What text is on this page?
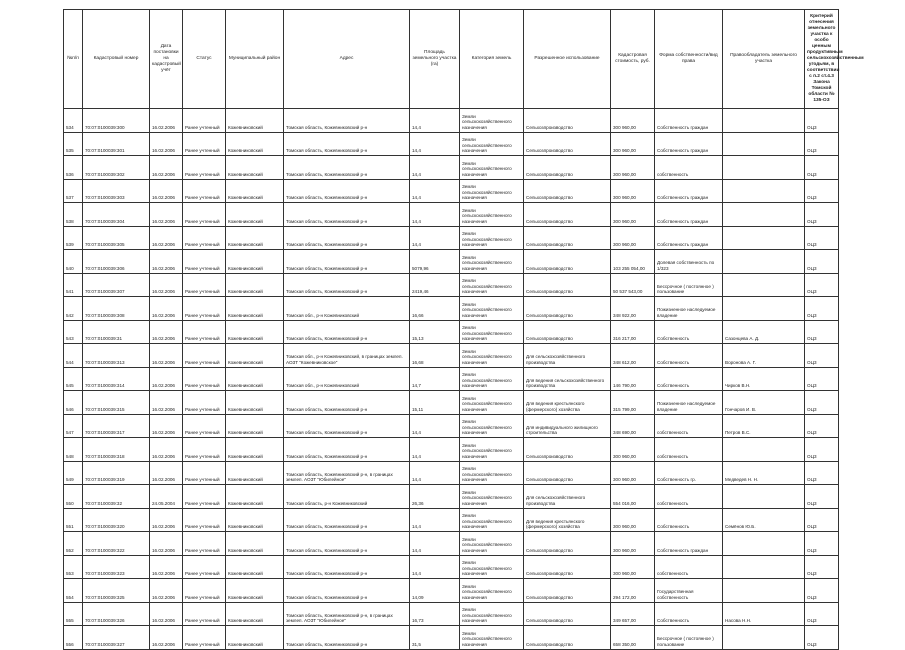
№п/п	Кадастровый номер	Дата постановки на кадастровый учёт	Статус	Муниципальный район	Адрес	Площадь земельного участка (га)	Категория земель	Разрешенное использование	Кадастровая стоимость, руб.	Форма собственности/вид права	Правообладатель земельного участка	Критерий отнесения земельного участка к особо ценным продуктивным сельскохозяйственным угодьям, в соответствии с п.2 ст.4.3 Закона Томской области № 135-ОЗ
534	70:07:0100039:300	16.02.2006	Ранее учтенный	Кожевниковский	Томская область, Кожевниковский р-н	14,4	Земли сельскохозяйственного назначения	Сельхозпроизводство	300 960,00	Собственность граждан		ОЦ3
535	70:07:0100039:301	16.02.2006	Ранее учтенный	Кожевниковский	Томская область, Кожевниковский р-н	14,4	Земли сельскохозяйственного назначения	Сельхозпроизводство	300 960,00	Собственность граждан		ОЦ3
536	70:07:0100039:302	16.02.2006	Ранее учтенный	Кожевниковский	Томская область, Кожевниковский р-н	14,4	Земли сельскохозяйственного назначения	Сельхозпроизводство	300 960,00	собственность		ОЦ3
537	70:07:0100039:303	16.02.2006	Ранее учтенный	Кожевниковский	Томская область, Кожевниковский р-н	14,4	Земли сельскохозяйственного назначения	Сельхозпроизводство	300 960,00	Собственность граждан		ОЦ3
538	70:07:0100039:304	16.02.2006	Ранее учтенный	Кожевниковский	Томская область, Кожевниковский р-н	14,4	Земли сельскохозяйственного назначения	Сельхозпроизводство	300 960,00	Собственность граждан		ОЦ3
539	70:07:0100039:305	16.02.2006	Ранее учтенный	Кожевниковский	Томская область, Кожевниковский р-н	14,4	Земли сельскохозяйственного назначения	Сельхозпроизводство	300 960,00	Собственность граждан		ОЦ3
540	70:07:0100039:306	16.02.2006	Ранее учтенный	Кожевниковский	Томская область, Кожевниковский р-н	5079,96	Земли сельскохозяйственного назначения	Сельхозпроизводство	103 255 054,00	Долевая собственность по 1/323		ОЦ3
541	70:07:0100039:307	16.02.2006	Ранее учтенный	Кожевниковский	Томская область, Кожевниковский р-н	2419,46	Земли сельскохозяйственного назначения	Сельхозпроизводство	50 537 543,00	Бессрочное ( постоянное ) пользование		ОЦ3
542	70:07:0100039:308	16.02.2006	Ранее учтенный	Кожевниковский	Томская обл., р-н Кожевниковский	16,66	Земли сельскохозяйственного назначения	Сельхозпроизводство	348 922,00	Пожизненное наследуемое владение		ОЦ3
543	70:07:0100039:31	16.02.2006	Ранее учтенный	Кожевниковский	Томская область, Кожевниковский р-н	15,13	Земли сельскохозяйственного назначения	Сельхозпроизводство	316 217,00	Собственность	Сазонцева А. Д.	ОЦ3
544	70:07:0100039:313	16.02.2006	Ранее учтенный	Кожевниковский	Томская обл., р-н Кожевниковский, в границах землеп. АОЗТ "Кожевниковское"	16,68	Земли сельскохозяйственного назначения	Для сельскохозяйственного производства	348 612,00	Собственность	Воронова А. Г.	ОЦ3
545	70:07:0100039:314	16.02.2006	Ранее учтенный	Кожевниковский	Томская обл., р-н Кожевниковский	14,7	Земли сельскохозяйственного назначения	Для ведения сельскохозяйственного производства	146 790,00	Собственность	Чирков В.Н.	ОЦ3
546	70:07:0100039:315	16.02.2006	Ранее учтенный	Кожевниковский	Томская область, Кожевниковский р-н	15,11	Земли сельскохозяйственного назначения	Для ведения крестьянского (фермерского) хозяйства	315 799,00	Пожизненное наследуемое владение	Гончаров И. В.	ОЦ3
547	70:07:0100039:317	16.02.2006	Ранее учтенный	Кожевниковский	Томская область, Кожевниковский р-н	14,4	Земли сельскохозяйственного назначения	Для индивидуального жилищного строительства	348 690,00	собственность	Петров В.С.	ОЦ3
548	70:07:0100039:318	16.02.2006	Ранее учтенный	Кожевниковский	Томская область, Кожевниковский р-н	14,4	Земли сельскохозяйственного назначения	Сельхозпроизводство	300 960,00	собственность		ОЦ3
549	70:07:0100039:319	16.02.2006	Ранее учтенный	Кожевниковский	Томская область, Кожевниковский р-н, в границах землеп. АОЗТ "Юбилейное"	14,4	Земли сельскохозяйственного назначения	Сельхозпроизводство	300 960,00	Собственность гр.	Медведев Н. Н.	ОЦ3
550	70:07:0100039:32	24.05.2004	Ранее учтенный	Кожевниковский	Томская область, р-н Кожевниковский	26,36	Земли сельскохозяйственного назначения	Для сельскохозяйственного производства	554 016,00	собственность		ОЦ3
551	70:07:0100039:320	16.02.2006	Ранее учтенный	Кожевниковский	Томская область, Кожевниковский р-н	14,4	Земли сельскохозяйственного назначения	Для ведения крестьянского (фермерского) хозяйства	300 960,00	Собственность	Семёнов Ю.Б.	ОЦ3
552	70:07:0100039:322	16.02.2006	Ранее учтенный	Кожевниковский	Томская область, Кожевниковский р-н	14,4	Земли сельскохозяйственного назначения	Сельхозпроизводство	300 960,00	Собственность граждан		ОЦ3
553	70:07:0100039:323	16.02.2006	Ранее учтенный	Кожевниковский	Томская область, Кожевниковский р-н	14,4	Земли сельскохозяйственного назначения	Сельхозпроизводство	300 960,00	собственность		ОЦ3
554	70:07:0100039:325	16.02.2006	Ранее учтенный	Кожевниковский	Томская область, Кожевниковский р-н	14,09	Земли сельскохозяйственного назначения	Сельхозпроизводство	294 172,00	Государственная собственность		ОЦ3
555	70:07:0100039:326	16.02.2006	Ранее учтенный	Кожевниковский	Томская область, Кожевниковский р-н, в границах землеп. АОЗТ "Юбилейное"	16,73	Земли сельскохозяйственного назначения	Сельхозпроизводство	349 657,00	Собственность	Насова Н.Н.	ОЦ3
556	70:07:0100039:327	16.02.2006	Ранее учтенный	Кожевниковский	Томская область, Кожевниковский р-н	31,5	Земли сельскохозяйственного назначения	Сельхозпроизводство	658 350,00	Бессрочное ( постоянное ) пользование		ОЦ3
